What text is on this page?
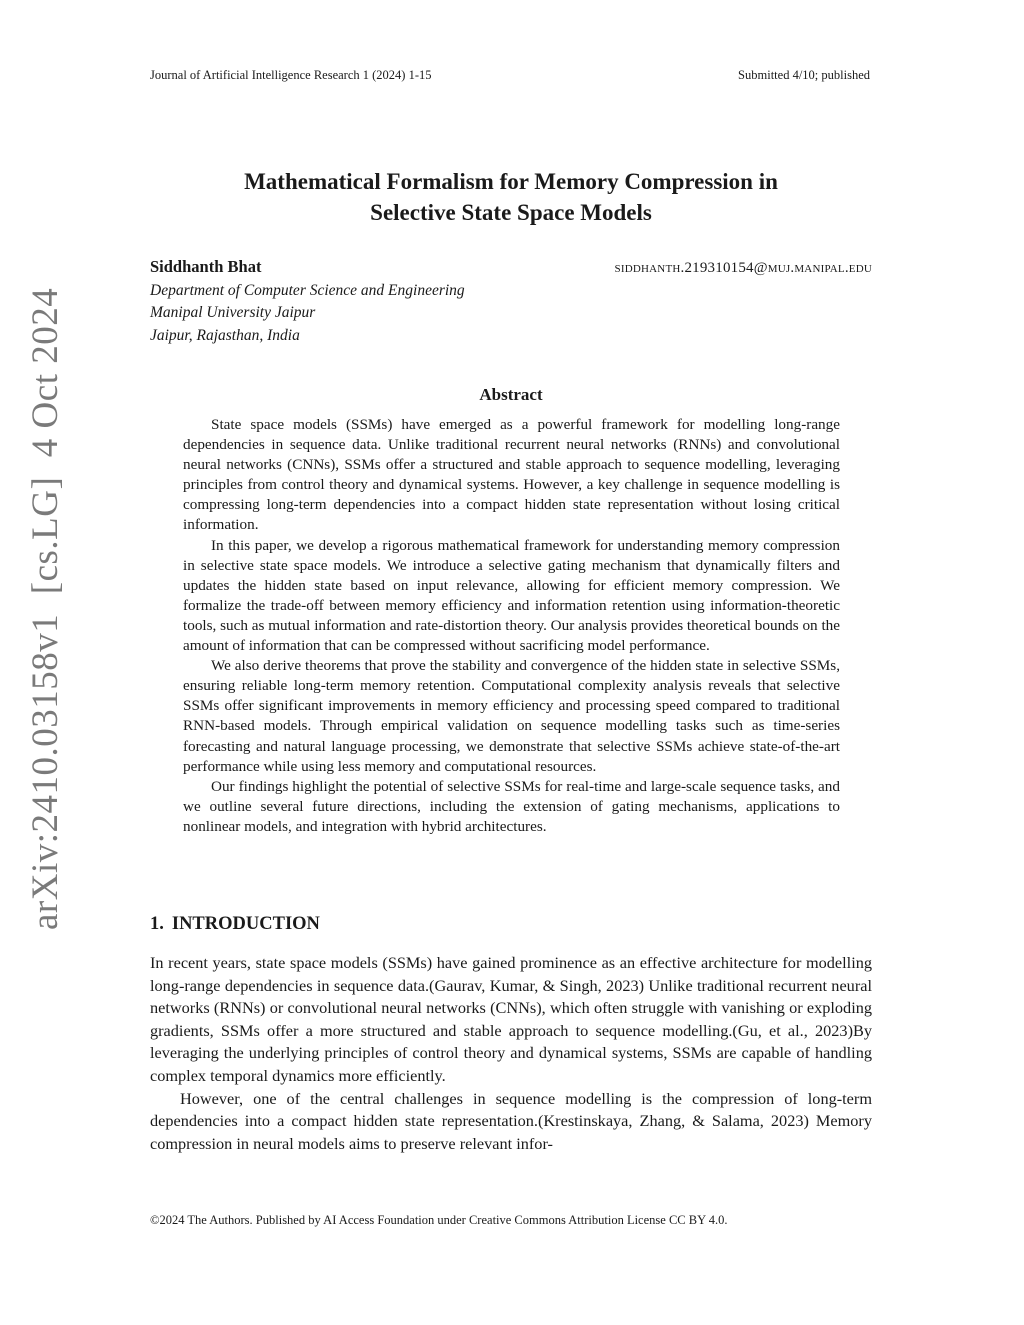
Journal of Artificial Intelligence Research 1 (2024) 1-15	Submitted 4/10; published
Mathematical Formalism for Memory Compression in
Selective State Space Models
Siddhanth Bhat	siddhanth.219310154@muj.manipal.edu
Department of Computer Science and Engineering
Manipal University Jaipur
Jaipur, Rajasthan, India
arXiv:2410.03158v1  [cs.LG]  4 Oct 2024	Abstract

State space models (SSMs) have emerged as a powerful framework for modelling long-range dependencies in sequence data. Unlike traditional recurrent neural networks (RNNs) and convolutional neural networks (CNNs), SSMs offer a structured and stable approach to sequence modelling, leveraging principles from control theory and dynamical systems. However, a key challenge in sequence modelling is compressing long-term dependencies into a compact hidden state representation without losing critical information.

In this paper, we develop a rigorous mathematical framework for understanding memory compression in selective state space models. We introduce a selective gating mechanism that dynamically filters and updates the hidden state based on input relevance, allowing for efficient memory compression. We formalize the trade-off between memory efficiency and information retention using information-theoretic tools, such as mutual information and rate-distortion theory. Our analysis provides theoretical bounds on the amount of information that can be compressed without sacrificing model performance.

We also derive theorems that prove the stability and convergence of the hidden state in selective SSMs, ensuring reliable long-term memory retention. Computational complexity analysis reveals that selective SSMs offer significant improvements in memory efficiency and processing speed compared to traditional RNN-based models. Through empirical validation on sequence modelling tasks such as time-series forecasting and natural language processing, we demonstrate that selective SSMs achieve state-of-the-art performance while using less memory and computational resources.

Our findings highlight the potential of selective SSMs for real-time and large-scale sequence tasks, and we outline several future directions, including the extension of gating mechanisms, applications to nonlinear models, and integration with hybrid architectures.

1. INTRODUCTION

In recent years, state space models (SSMs) have gained prominence as an effective architecture for modelling long-range dependencies in sequence data.(Gaurav, Kumar, & Singh, 2023) Unlike traditional recurrent neural networks (RNNs) or convolutional neural networks (CNNs), which often struggle with vanishing or exploding gradients, SSMs offer a more structured and stable approach to sequence modelling.(Gu, et al., 2023)By leveraging the underlying principles of control theory and dynamical systems, SSMs are capable of handling complex temporal dynamics more efficiently.

However, one of the central challenges in sequence modelling is the compression of long-term dependencies into a compact hidden state representation.(Krestinskaya, Zhang, & Salama, 2023) Memory compression in neural models aims to preserve relevant infor-

©2024 The Authors. Published by AI Access Foundation under Creative Commons Attribution License CC BY 4.0.
